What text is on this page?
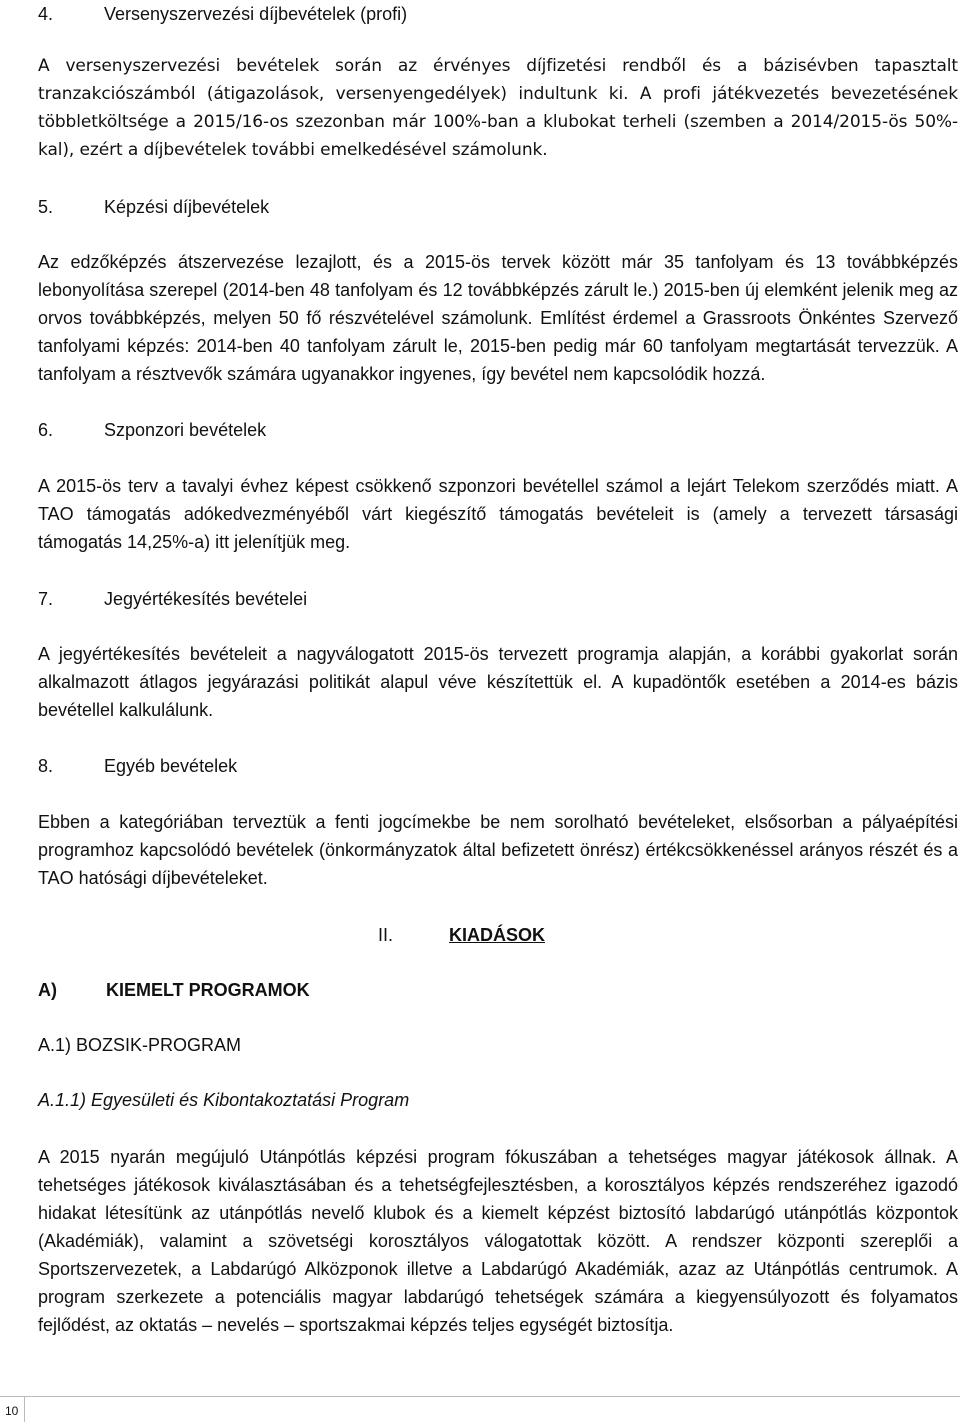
4.	Versenyszervezési díjbevételek (profi)

A versenyszervezési bevételek során az érvényes díjfizetési rendből és a bázisévben tapasztalt tranzakciószámból (átigazolások, versenyengedélyek) indultunk ki. A profi játékvezetés bevezetésének többletköltsége a 2015/16-os szezonban már 100%-ban a klubokat terheli (szemben a 2014/2015-ös 50%-kal), ezért a díjbevételek további emelkedésével számolunk.

5.	Képzési díjbevételek

Az edzőképzés átszervezése lezajlott, és a 2015-ös tervek között már 35 tanfolyam és 13 továbbképzés lebonyolítása szerepel (2014-ben 48 tanfolyam és 12 továbbképzés zárult le.) 2015-ben új elemként jelenik meg az orvos továbbképzés, melyen 50 fő részvételével számolunk. Említést érdemel a Grassroots Önkéntes Szervező tanfolyami képzés: 2014-ben 40 tanfolyam zárult le, 2015-ben pedig már 60 tanfolyam megtartását tervezzük. A tanfolyam a résztvevők számára ugyanakkor ingyenes, így bevétel nem kapcsolódik hozzá.

6.	Szponzori bevételek

A 2015-ös terv a tavalyi évhez képest csökkenő szponzori bevétellel számol a lejárt Telekom szerződés miatt. A TAO támogatás adókedvezményéből várt kiegészítő támogatás bevételeit is (amely a tervezett társasági támogatás 14,25%-a) itt jelenítjük meg.

7.	Jegyértékesítés bevételei

A jegyértékesítés bevételeit a nagyválogatott 2015-ös tervezett programja alapján, a korábbi gyakorlat során alkalmazott átlagos jegyárazási politikát alapul véve készítettük el. A kupadöntők esetében a 2014-es bázis bevétellel kalkulálunk.

8.	Egyéb bevételek

Ebben a kategóriában terveztük a fenti jogcímekbe be nem sorolható bevételeket, elsősorban a pályaépítési programhoz kapcsolódó bevételek (önkormányzatok által befizetett önrész) értékcsökkenéssel arányos részét és a TAO hatósági díjbevételeket.

II.	KIADÁSOK
A)	KIEMELT PROGRAMOK

A.1) BOZSIK-PROGRAM

A.1.1) Egyesületi és Kibontakoztatási Program

A 2015 nyarán megújuló Utánpótlás képzési program fókuszában a tehetséges magyar játékosok állnak. A tehetséges játékosok kiválasztásában és a tehetségfejlesztésben, a korosztályos képzés rendszeréhez igazodó hidakat létesítünk az utánpótlás nevelő klubok és a kiemelt képzést biztosító labdarúgó utánpótlás központok (Akadémiák), valamint a szövetségi korosztályos válogatottak között. A rendszer központi szereplői a Sportszervezetek, a Labdarúgó Alközponok illetve a Labdarúgó Akadémiák, azaz az Utánpótlás centrumok. A program szerkezete a potenciális magyar labdarúgó tehetségek számára a kiegyensúlyozott és folyamatos fejlődést, az oktatás – nevelés – sportszakmai képzés teljes egységét biztosítja.

10
